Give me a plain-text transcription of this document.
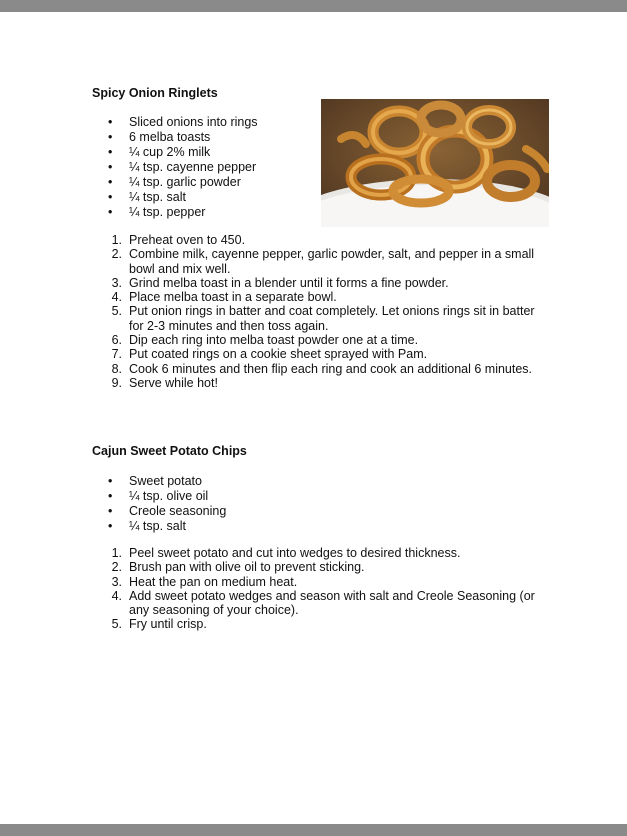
Spicy Onion Ringlets
• Sliced onions into rings
• 6 melba toasts
• ¼ cup 2% milk
• ¼ tsp. cayenne pepper
• ¼ tsp. garlic powder
• ¼ tsp. salt
• ¼ tsp. pepper
1. Preheat oven to 450.
2. Combine milk, cayenne pepper, garlic powder, salt, and pepper in a small bowl and mix well.
3. Grind melba toast in a blender until it forms a fine powder.
4. Place melba toast in a separate bowl.
5. Put onion rings in batter and coat completely. Let onions rings sit in batter for 2-3 minutes and then toss again.
6. Dip each ring into melba toast powder one at a time.
7. Put coated rings on a cookie sheet sprayed with Pam.
8. Cook 6 minutes and then flip each ring and cook an additional 6 minutes.
9. Serve while hot!
Cajun Sweet Potato Chips
• Sweet potato
• ¼ tsp. olive oil
• Creole seasoning
• ¼ tsp. salt
1. Peel sweet potato and cut into wedges to desired thickness.
2. Brush pan with olive oil to prevent sticking.
3. Heat the pan on medium heat.
4. Add sweet potato wedges and season with salt and Creole Seasoning (or any seasoning of your choice).
5. Fry until crisp.
